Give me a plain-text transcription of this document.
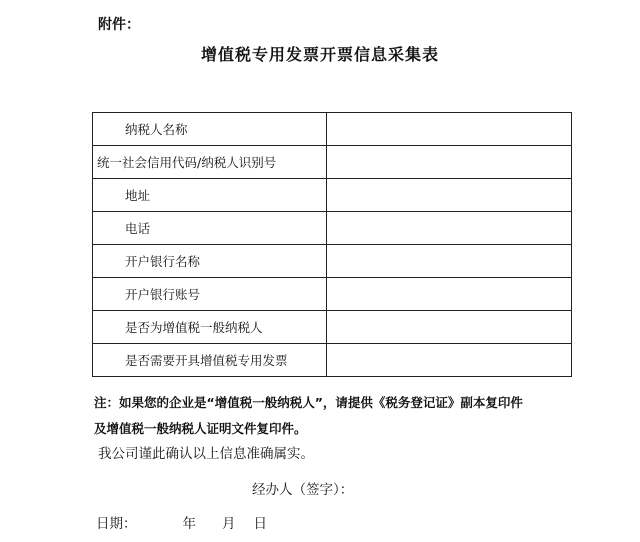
附件：
增值税专用发票开票信息采集表
纳税人名称	
统一社会信用代码/纳税人识别号	
地址	
电话	
开户银行名称	
开户银行账号	
是否为增值税一般纳税人	
是否需要开具增值税专用发票	
注：如果您的企业是“增值税一般纳税人”，请提供《税务登记证》副本复印件
及增值税一般纳税人证明文件复印件。
我公司谨此确认以上信息准确属实。
经办人（签字）：
日期：	年 月 日
